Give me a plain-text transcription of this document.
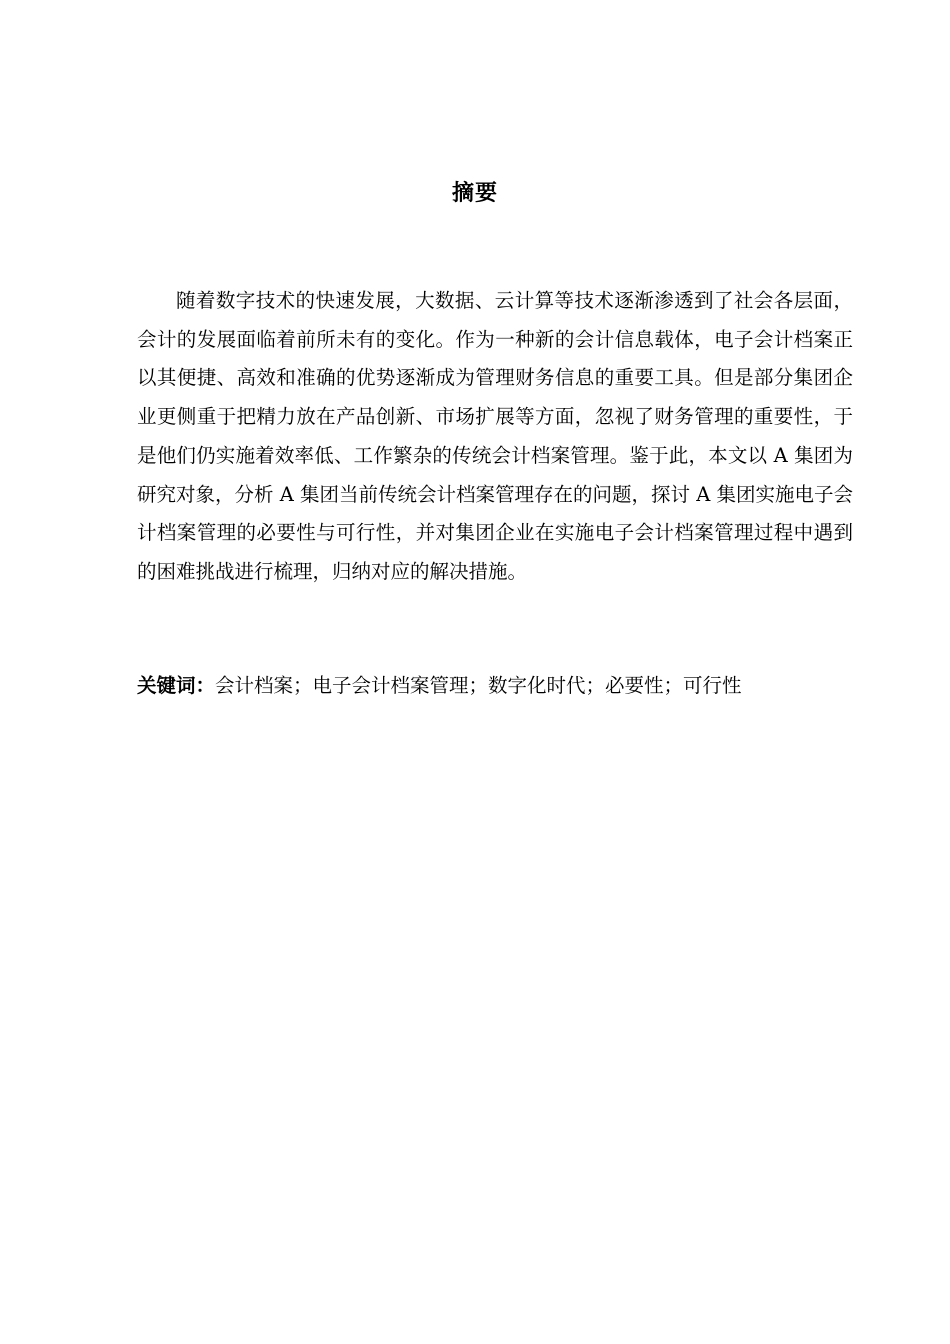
摘要

随着数字技术的快速发展，大数据、云计算等技术逐渐渗透到了社会各层面，会计的发展面临着前所未有的变化。作为一种新的会计信息载体，电子会计档案正以其便捷、高效和准确的优势逐渐成为管理财务信息的重要工具。但是部分集团企业更侧重于把精力放在产品创新、市场扩展等方面，忽视了财务管理的重要性，于是他们仍实施着效率低、工作繁杂的传统会计档案管理。鉴于此，本文以 A 集团为研究对象，分析 A 集团当前传统会计档案管理存在的问题，探讨 A 集团实施电子会计档案管理的必要性与可行性，并对集团企业在实施电子会计档案管理过程中遇到的困难挑战进行梳理，归纳对应的解决措施。

关键词：会计档案；电子会计档案管理；数字化时代；必要性；可行性
